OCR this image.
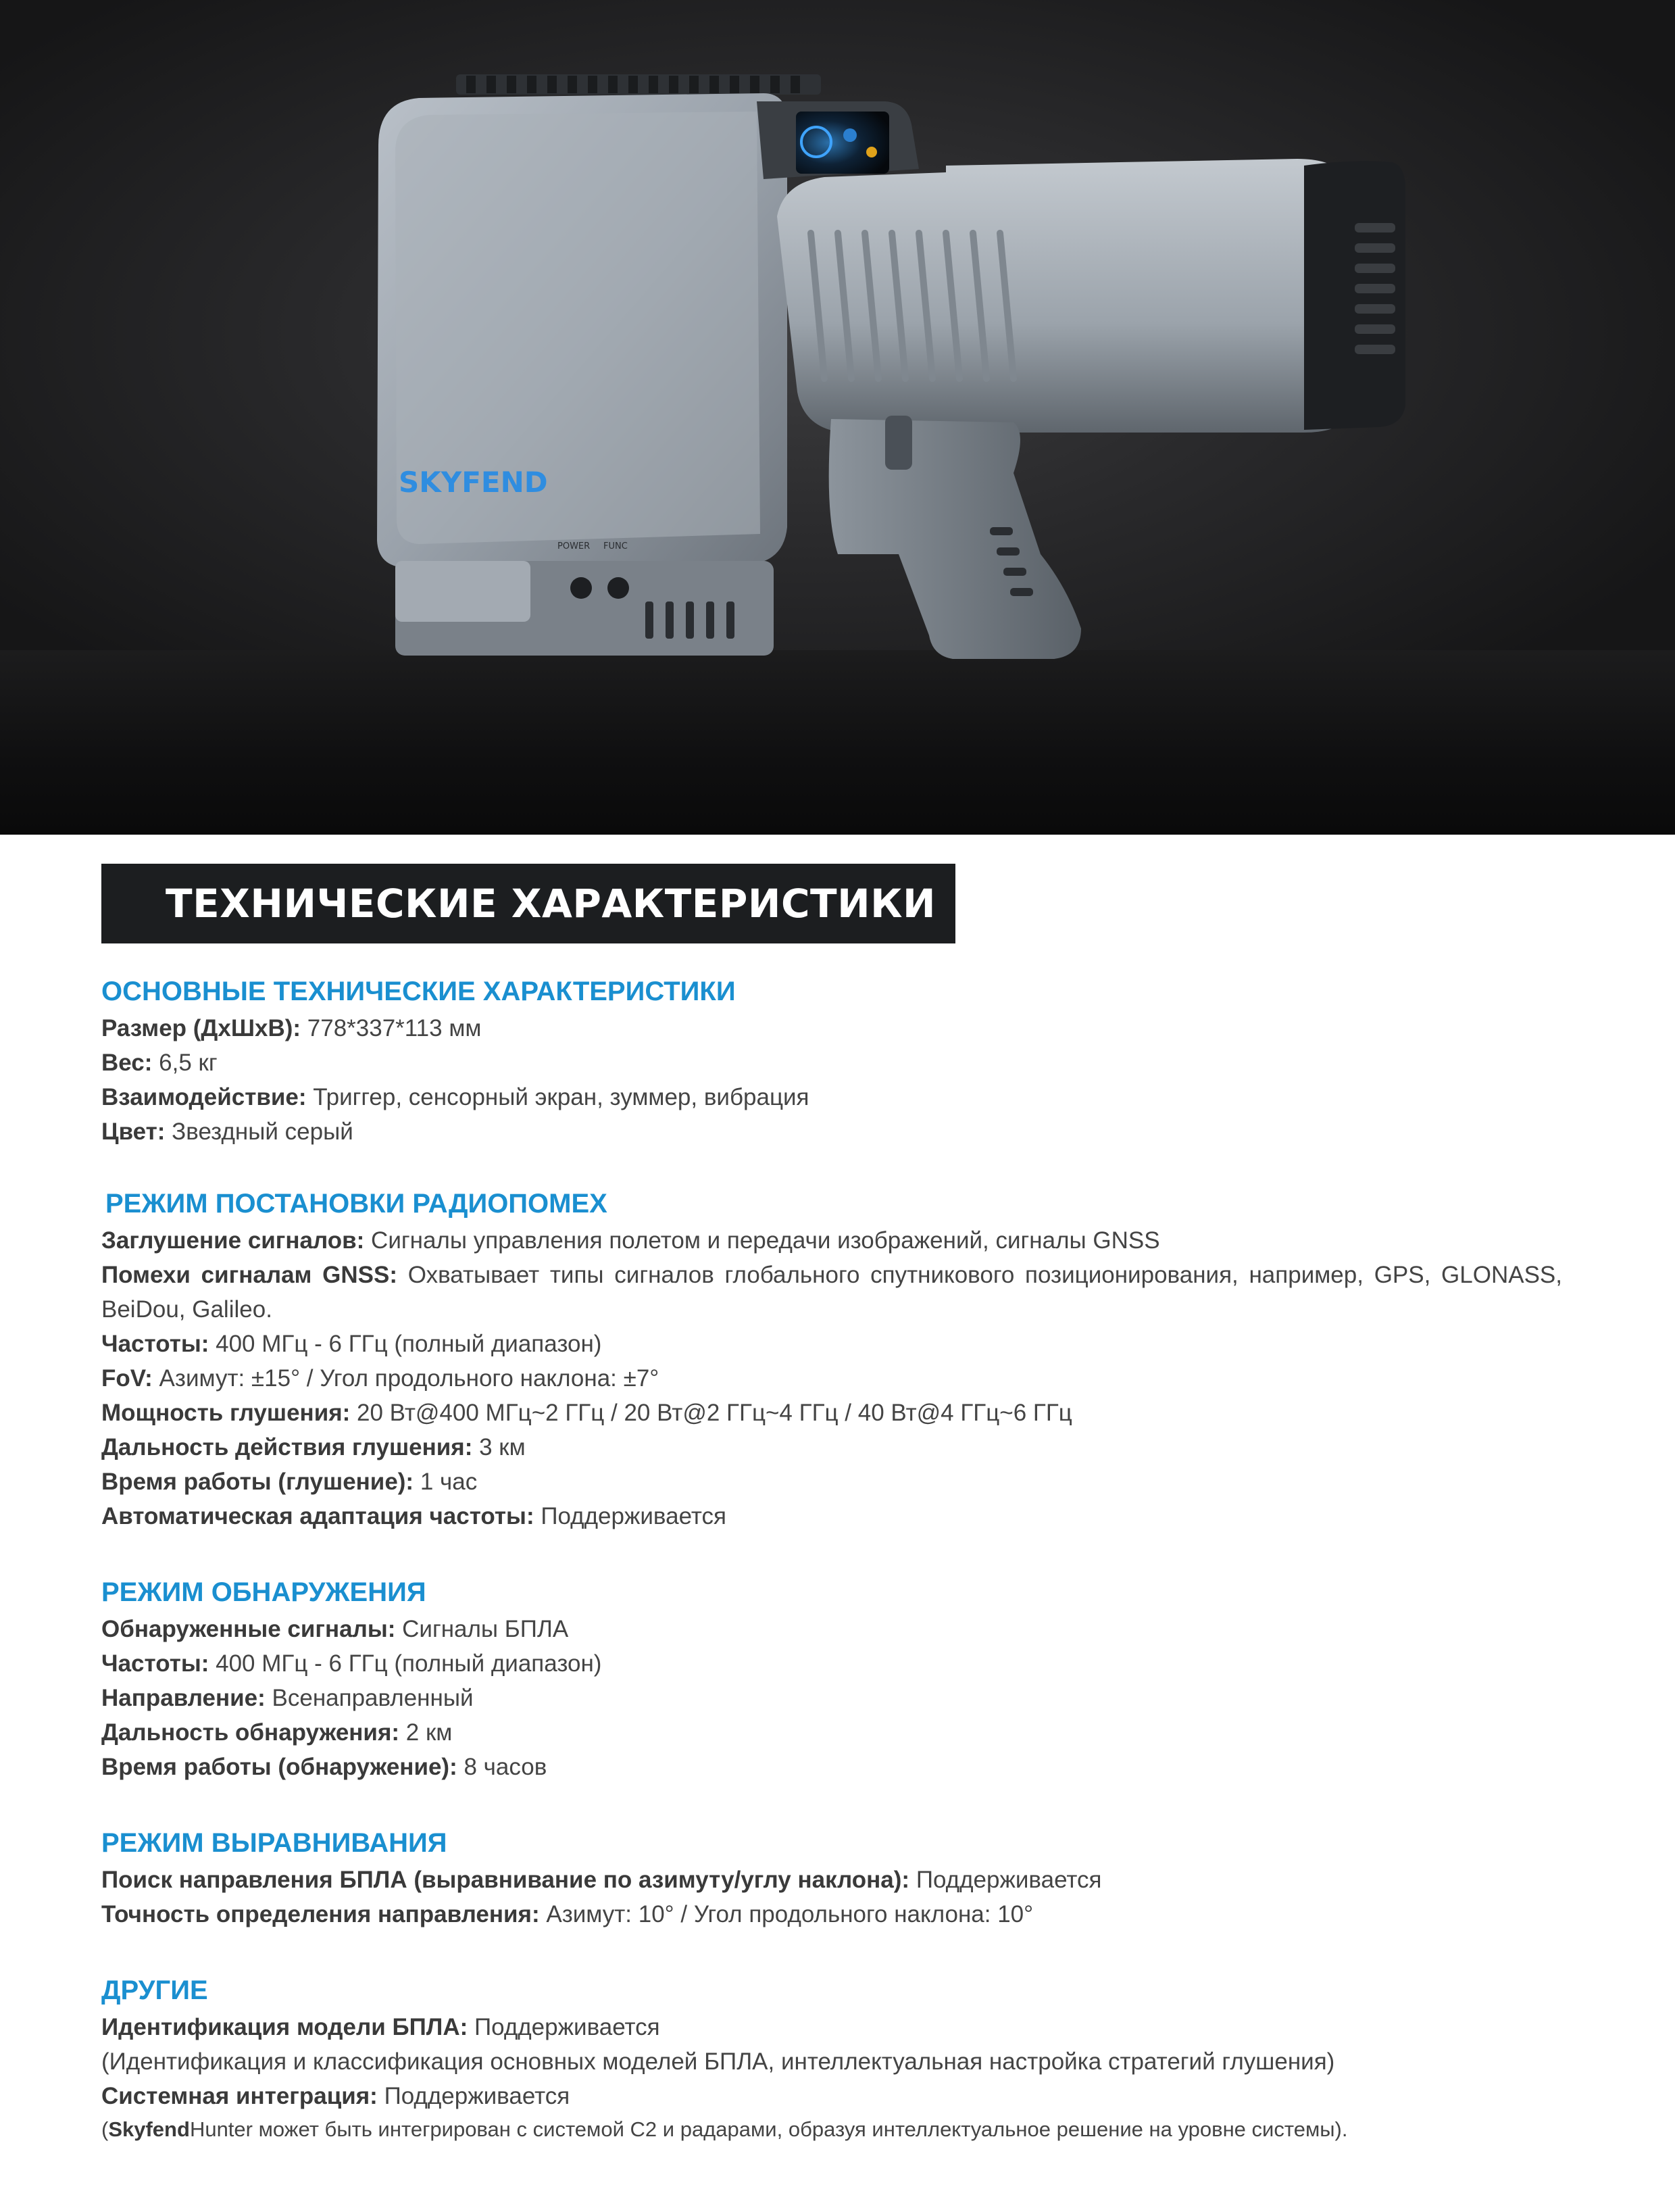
SKYFEND
POWER FUNC
ТЕХНИЧЕСКИЕ ХАРАКТЕРИСТИКИ

ОСНОВНЫЕ ТЕХНИЧЕСКИЕ ХАРАКТЕРИСТИКИ

Размер (ДхШхВ): 778*337*113 мм

Вес: 6,5 кг

Взаимодействие: Триггер, сенсорный экран, зуммер, вибрация

Цвет: Звездный серый

РЕЖИМ ПОСТАНОВКИ РАДИОПОМЕХ

Заглушение сигналов: Сигналы управления полетом и передачи изображений, сигналы GNSS

Помехи сигналам GNSS: Охватывает типы сигналов глобального спутникового позиционирования, например, GPS, GLONASS, BeiDou, Galileo.

Частоты: 400 МГц - 6 ГГц (полный диапазон)

FoV: Азимут: ±15° / Угол продольного наклона: ±7°

Мощность глушения: 20 Вт@400 МГц~2 ГГц / 20 Вт@2 ГГц~4 ГГц / 40 Вт@4 ГГц~6 ГГц

Дальность действия глушения: 3 км

Время работы (глушение): 1 час

Автоматическая адаптация частоты: Поддерживается

РЕЖИМ ОБНАРУЖЕНИЯ

Обнаруженные сигналы: Сигналы БПЛА

Частоты: 400 МГц - 6 ГГц (полный диапазон)

Направление: Всенаправленный

Дальность обнаружения: 2 км

Время работы (обнаружение): 8 часов

РЕЖИМ ВЫРАВНИВАНИЯ

Поиск направления БПЛА (выравнивание по азимуту/углу наклона): Поддерживается

Точность определения направления: Азимут: 10° / Угол продольного наклона: 10°

ДРУГИЕ

Идентификация модели БПЛА: Поддерживается

(Идентификация и классификация основных моделей БПЛА, интеллектуальная настройка стратегий глушения)

Системная интеграция: Поддерживается

(SkyfendHunter может быть интегрирован с системой C2 и радарами, образуя интеллектуальное решение на уровне системы).
